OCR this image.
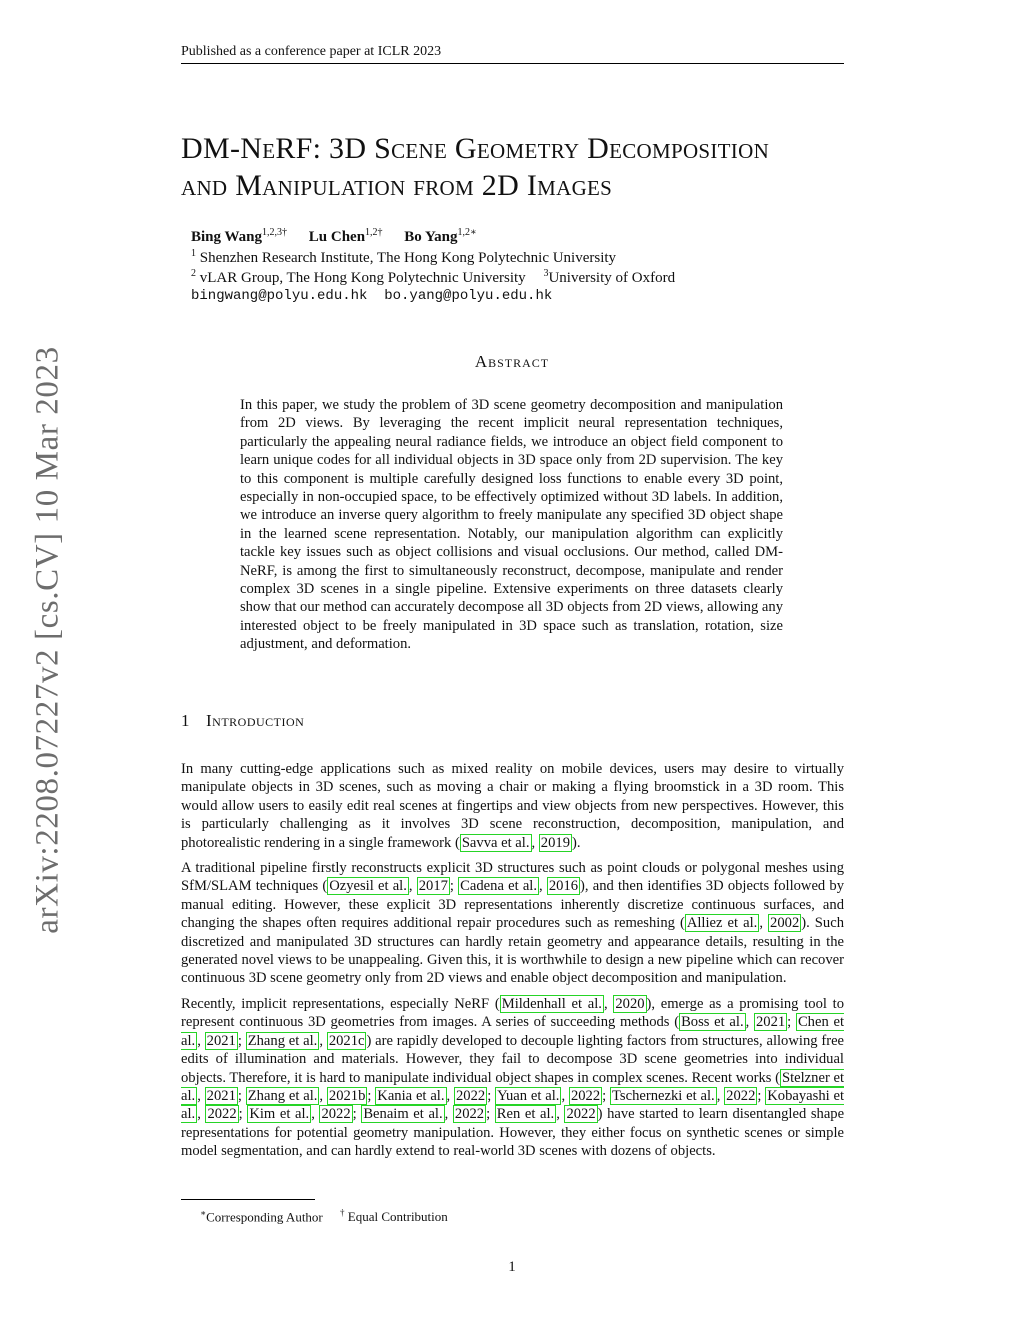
Published as a conference paper at ICLR 2023
DM-NeRF: 3D Scene Geometry Decomposition
and Manipulation from 2D Images
Bing Wang$^{1,2,3\dagger}$ Lu Chen$^{1,2\dagger}$ Bo Yang$^{1,2∗}$
$^1$ Shenzhen Research Institute, The Hong Kong Polytechnic University
$^2$ vLAR Group, The Hong Kong Polytechnic University $^3$University of Oxford
bingwang@polyu.edu.hk  bo.yang@polyu.edu.hk
arXiv:2208.07227v2 [cs.CV] 10 Mar 2023	Abstract
In this paper, we study the problem of 3D scene geometry decomposition and manipulation from 2D views. By leveraging the recent implicit neural representation techniques, particularly the appealing neural radiance fields, we introduce an object field component to learn unique codes for all individual objects in 3D space only from 2D supervision. The key to this component is multiple carefully designed loss functions to enable every 3D point, especially in non-occupied space, to be effectively optimized without 3D labels. In addition, we introduce an inverse query algorithm to freely manipulate any specified 3D object shape in the learned scene representation. Notably, our manipulation algorithm can explicitly tackle key issues such as object collisions and visual occlusions. Our method, called DM-NeRF, is among the first to simultaneously reconstruct, decompose, manipulate and render complex 3D scenes in a single pipeline. Extensive experiments on three datasets clearly show that our method can accurately decompose all 3D objects from 2D views, allowing any interested object to be freely manipulated in 3D space such as translation, rotation, size adjustment, and deformation.
1 Introduction

In many cutting-edge applications such as mixed reality on mobile devices, users may desire to virtually manipulate objects in 3D scenes, such as moving a chair or making a flying broomstick in a 3D room. This would allow users to easily edit real scenes at fingertips and view objects from new perspectives. However, this is particularly challenging as it involves 3D scene reconstruction, decomposition, manipulation, and photorealistic rendering in a single framework ( Savva et al. , 2019 ).

A traditional pipeline firstly reconstructs explicit 3D structures such as point clouds or polygonal meshes using SfM/SLAM techniques ( Ozyesil et al. , 2017 ; Cadena et al. , 2016 ), and then identifies 3D objects followed by manual editing. However, these explicit 3D representations inherently discretize continuous surfaces, and changing the shapes often requires additional repair procedures such as remeshing ( Alliez et al. , 2002 ). Such discretized and manipulated 3D structures can hardly retain geometry and appearance details, resulting in the generated novel views to be unappealing. Given this, it is worthwhile to design a new pipeline which can recover continuous 3D scene geometry only from 2D views and enable object decomposition and manipulation.

Recently, implicit representations, especially NeRF ( Mildenhall et al. , 2020 ), emerge as a promising tool to represent continuous 3D geometries from images. A series of succeeding methods ( Boss et al. , 2021 ; Chen et al. , 2021 ; Zhang et al. , 2021c ) are rapidly developed to decouple lighting factors from structures, allowing free edits of illumination and materials. However, they fail to decompose 3D scene geometries into individual objects. Therefore, it is hard to manipulate individual object shapes in complex scenes. Recent works ( Stelzner et al. , 2021 ; Zhang et al. , 2021b ; Kania et al. , 2022 ; Yuan et al. , 2022 ; Tschernezki et al. , 2022 ; Kobayashi et al. , 2022 ; Kim et al. , 2022 ; Benaim et al. , 2022 ; Ren et al. , 2022 ) have started to learn disentangled shape representations for potential geometry manipulation. However, they either focus on synthetic scenes or simple model segmentation, and can hardly extend to real-world 3D scenes with dozens of objects.

∗Corresponding Author † Equal Contribution
1
